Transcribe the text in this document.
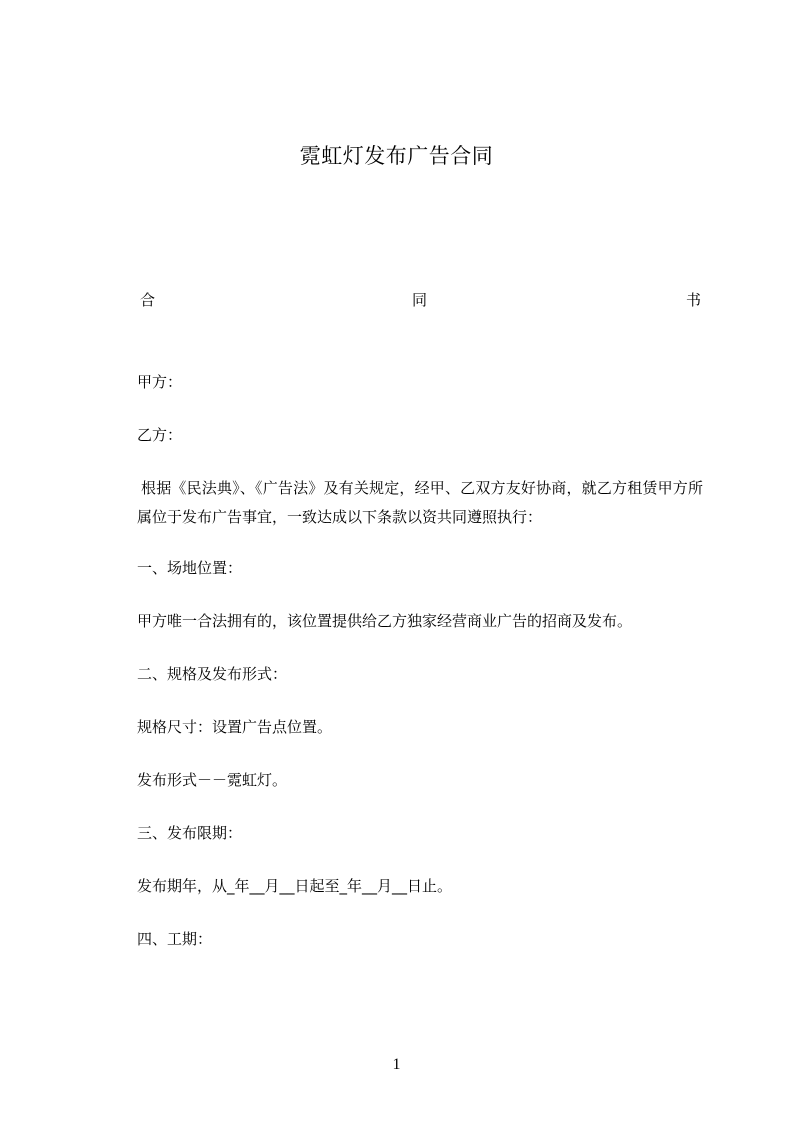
霓虹灯发布广告合同
合	同	书
甲方：
乙方：
根据《民法典》、《广告法》及有关规定，经甲、乙双方友好协商，就乙方租赁甲方所属位于发布广告事宜，一致达成以下条款以资共同遵照执行：
一、场地位置：
甲方唯一合法拥有的，该位置提供给乙方独家经营商业广告的招商及发布。
二、规格及发布形式：
规格尺寸：设置广告点位置。
发布形式－－霓虹灯。
三、发布限期：
发布期年，从_年__月__日起至_年__月__日止。
四、工期：
1
